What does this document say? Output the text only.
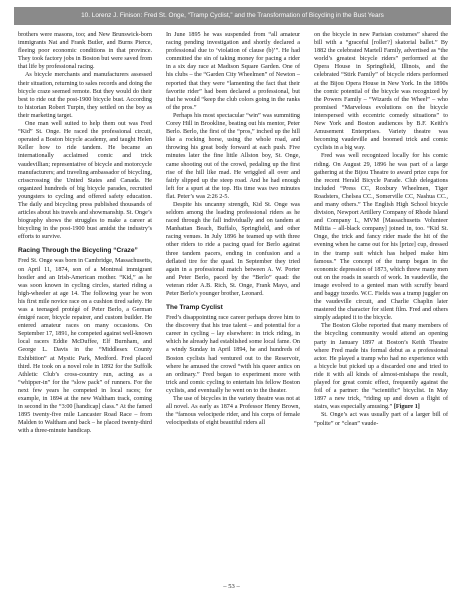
10. Lorenz J. Finison: Fred St. Onge, “Tramp Cyclist,” and the Transformation of Bicycling in the Bust Years

brothers were masons, too; and New Brunswick-born immigrants Nat and Frank Butler, and Burns Pierce, fleeing poor economic conditions in that province. They took factory jobs in Boston but were saved from that life by professional racing.

As bicycle merchants and manufacturers assessed their situation, returning to sales records and doing the bicycle craze seemed remote. But they would do their best to ride out the post-1900 bicycle bust. According to historian Robert Turpin, they settled on the boy as their marketing target.

One man well suited to help them out was Fred “Kid” St. Onge. He raced the professional circuit, operated a Boston bicycle academy, and taught Helen Keller how to ride tandem. He became an internationally acclaimed comic and trick vaudevillian; representative of bicycle and motorcycle manufacturers; and traveling ambassador of bicycling, crisscrossing the United States and Canada. He organized hundreds of big bicycle parades, recruited youngsters to cycling and offered safety education. The daily and bicycling press published thousands of articles about his travels and showmanship. St. Onge’s biography shows the struggles to make a career at bicycling in the post-1900 bust amidst the industry’s efforts to survive.

Racing Through the Bicycling “Craze”

Fred St. Onge was born in Cambridge, Massachusetts, on April 11, 1874, son of a Montreal immigrant hostler and an Irish-American mother. “Kid,” as he was soon known in cycling circles, started riding a high-wheeler at age 14. The following year he won his first mile novice race on a cushion tired safety. He was a teenaged protégé of Peter Berlo, a German émigré racer, bicycle repairer, and custom builder. He entered amateur races on many occasions. On September 17, 1891, he competed against well-known local racers Eddie McDuffee, Elf Burnham, and George L. Davis in the “Middlesex County Exhibition” at Mystic Park, Medford. Fred placed third. He took on a novel role in 1892 for the Suffolk Athletic Club’s cross-country run, acting as a “whipper-in” for the “slow pack” of runners. For the next few years he competed in local races; for example, in 1894 at the new Waltham track, coming in second in the “3:00 [handicap] class.” At the famed 1895 twenty-five mile Lancaster Road Race – from Malden to Waltham and back – he placed twenty-third with a three-minute handicap.

In June 1895 he was suspended from “all amateur racing pending investigation and shortly declared a professional due to ‘violation of clause (b)’”. He had committed the sin of taking money for pacing a rider in a six day race at Madison Square Garden. One of his clubs – the “Garden City Wheelmen” of Newton – reported that they were “lamenting the fact that their favorite rider” had been declared a professional, but that he would “keep the club colors going in the ranks of the pros.”

Perhaps his most spectacular “win” was summiting Corey Hill in Brookline, beating out his mentor, Peter Berlo. Berlo, the first of the “pros,” inched up the hill like a rocking horse, using the whole road, and throwing his great body forward at each push. Five minutes later the fine little Allston boy, St. Onge, came shooting out of the crowd, pedaling up the first rise of the hill like mad. He wriggled all over and fairly slipped up the steep road. And he had enough left for a spurt at the top. His time was two minutes flat. Peter’s was 2:26 2-5.

Despite his uncanny strength, Kid St. Onge was seldom among the leading professional riders as he raced through the fall individually and on tandem at Manhattan Beach, Buffalo, Springfield, and other racing venues. In July 1896 he teamed up with three other riders to ride a pacing quad for Berlo against three tandem pacers, ending in confusion and a deflated tire for the quad. In September they tried again in a professional match between A. W. Porter and Peter Berlo, paced by the “Berlo” quad: the veteran rider A.B. Rich, St. Onge, Frank Mayo, and Peter Berlo’s younger brother, Leonard.

The Tramp Cyclist

Fred’s disappointing race career perhaps drove him to the discovery that his true talent – and potential for a career in cycling – lay elsewhere: in trick riding, in which he already had established some local fame. On a windy Sunday in April 1894, he and hundreds of Boston cyclists had ventured out to the Reservoir, where he amused the crowd “with his queer antics on an ordinary.” Fred began to experiment more with trick and comic cycling to entertain his fellow Boston cyclists, and eventually he went on to the theater.

The use of bicycles in the variety theatre was not at all novel. As early as 1874 a Professor Henry Brown, the “famous velocipede rider, and his corps of female velocipedists of eight beautiful riders all

on the bicycle in new Parisian costumes” shared the bill with a “graceful [roller?] skatorial ballet.” By 1882 the celebrated Martell Family, advertised as “the world’s greatest bicycle riders” performed at the Opera House in Springfield, Illinois, and the celebrated “Stirk Family” of bicycle riders performed at the Bijou Opera House in New York. In the 1890s the comic potential of the bicycle was recognized by the Powers Family – “Wizards of the Wheel” – who promised “Marvelous evolutions on the bicycle interspersed with eccentric comedy situations” to New York and Boston audiences by B.F. Keith’s Amusement Enterprises. Variety theatre was becoming vaudeville and boomed trick and comic cyclists in a big way.

Fred was well recognized locally for his comic riding. On August 29, 1896 he was part of a large gathering at the Bijou Theatre to award prize cups for the recent Herald Bicycle Parade. Club delegations included “Press CC, Roxbury Wheelmen, Tiger Roadsters, Chelsea CC., Somerville CC, Nashua CC., and many others.” The English High School bicycle division, Newport Artillery Company of Rhode Island and Company L, MVM [Massachusetts Volunteer Militia – all-black company] joined in, too. “Kid St. Onge, the trick and fancy rider made the hit of the evening when he came out for his [prize] cup, dressed in the tramp suit which has helped make him famous.” The concept of the tramp began in the economic depression of 1873, which threw many men out on the roads in search of work. In vaudeville, the image evolved to a genteel man with scruffy beard and baggy tuxedo. W.C. Fields was a tramp juggler on the vaudeville circuit, and Charlie Chaplin later mastered the character for silent film. Fred and others simply adapted it to the bicycle.

The Boston Globe reported that many members of the bicycling community would attend an opening party in January 1897 at Boston’s Keith Theatre where Fred made his formal debut as a professional actor. He played a tramp who had no experience with a bicycle but picked up a discarded one and tried to ride it with all kinds of almost-mishaps the result, played for great comic effect, frequently against the foil of a partner: the “scientific” bicyclist. In May 1897 a new trick, “riding up and down a flight of stairs, was especially amusing.” [Figure 1]

St. Onge’s act was usually part of a larger bill of “polite” or “clean” vaude-

– 53 –
